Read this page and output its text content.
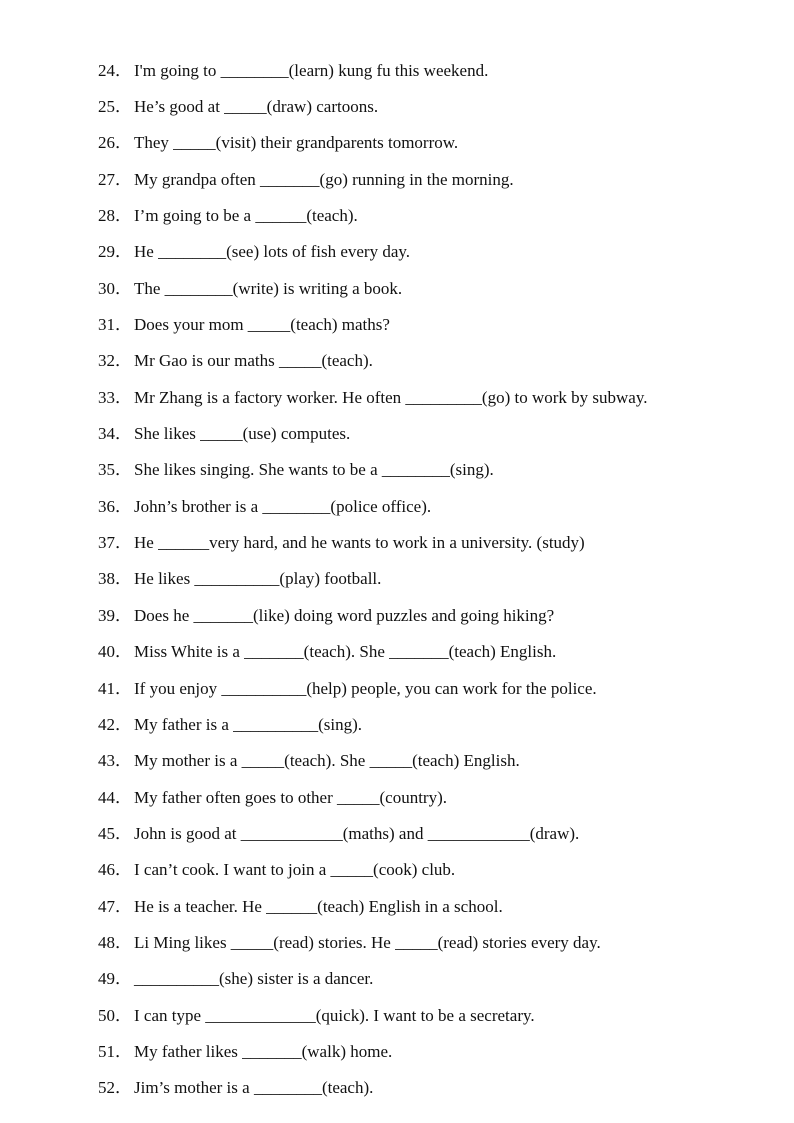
24． I'm going to ________(learn) kung fu this weekend.
25． He’s good at _____(draw) cartoons.
26． They _____(visit) their grandparents tomorrow.
27． My grandpa often _______(go) running in the morning.
28． I’m going to be a ______(teach).
29． He ________(see) lots of fish every day.
30． The ________(write) is writing a book.
31． Does your mom _____(teach) maths?
32． Mr Gao is our maths _____(teach).
33． Mr Zhang is a factory worker. He often _________(go) to work by subway.
34． She likes _____(use) computes.
35． She likes singing. She wants to be a ________(sing).
36． John’s brother is a ________(police office).
37． He ______very hard, and he wants to work in a university. (study)
38． He likes __________(play) football.
39． Does he _______(like) doing word puzzles and going hiking?
40． Miss White is a _______(teach). She _______(teach) English.
41． If you enjoy __________(help) people, you can work for the police.
42． My father is a __________(sing).
43． My mother is a _____(teach). She _____(teach) English.
44． My father often goes to other _____(country).
45． John is good at ____________(maths) and ____________(draw).
46． I can’t cook. I want to join a _____(cook) club.
47． He is a teacher. He ______(teach) English in a school.
48． Li Ming likes _____(read) stories. He _____(read) stories every day.
49． __________(she) sister is a dancer.
50． I can type _____________(quick). I want to be a secretary.
51． My father likes _______(walk) home.
52． Jim’s mother is a ________(teach).
